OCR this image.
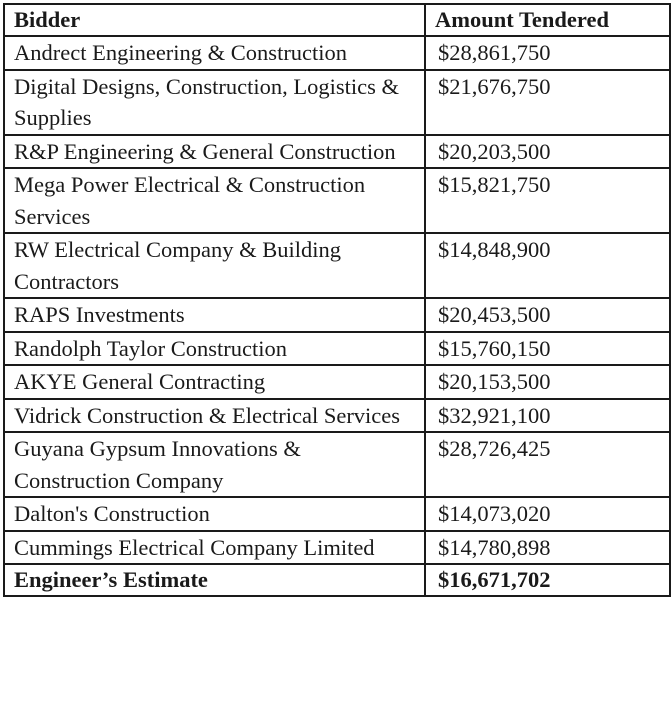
Bidder	Amount Tendered
Andrect Engineering & Construction	$28,861,750
Digital Designs, Construction, Logistics & Supplies	$21,676,750
R&P Engineering & General Construction	$20,203,500
Mega Power Electrical & Construction Services	$15,821,750
RW Electrical Company & Building Contractors	$14,848,900
RAPS Investments	$20,453,500
Randolph Taylor Construction	$15,760,150
AKYE General Contracting	$20,153,500
Vidrick Construction & Electrical Services	$32,921,100
Guyana Gypsum Innovations & Construction Company	$28,726,425
Dalton's Construction	$14,073,020
Cummings Electrical Company Limited	$14,780,898
Engineer’s Estimate	$16,671,702
